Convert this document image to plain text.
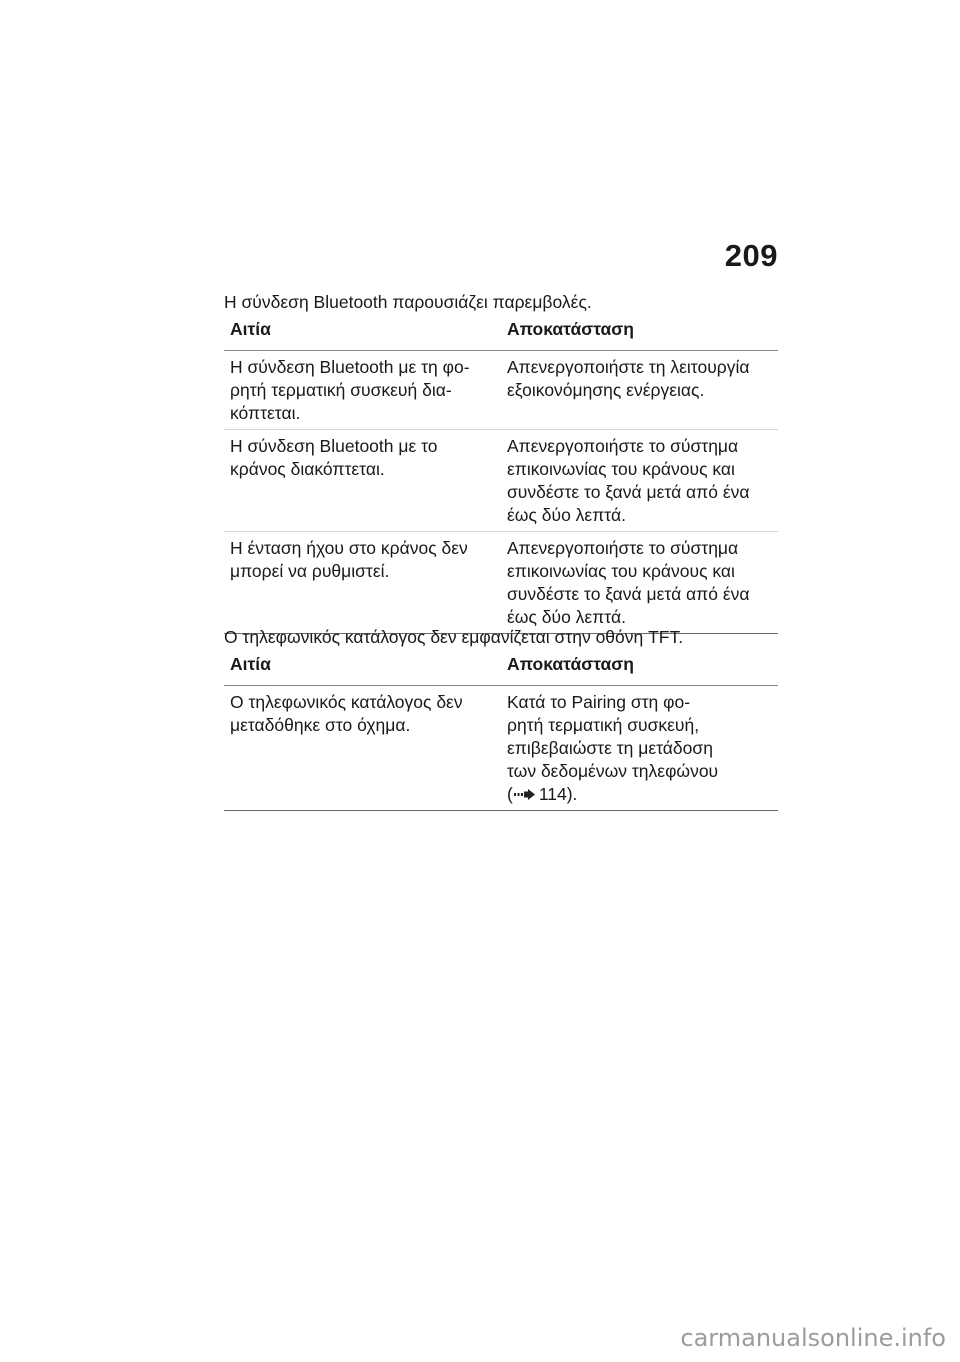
209

Η σύνδεση Bluetooth παρουσιάζει παρεμβολές.

Αιτία	Αποκατάσταση
Η σύνδεση Bluetooth με τη φο-
ρητή τερματική συσκευή δια-
κόπτεται.	Απενεργοποιήστε τη λειτουργία
εξοικονόμησης ενέργειας.
Η σύνδεση Bluetooth με το
κράνος διακόπτεται.	Απενεργοποιήστε το σύστημα
επικοινωνίας του κράνους και
συνδέστε το ξανά μετά από ένα
έως δύο λεπτά.
Η ένταση ήχου στο κράνος δεν
μπορεί να ρυθμιστεί.	Απενεργοποιήστε το σύστημα
επικοινωνίας του κράνους και
συνδέστε το ξανά μετά από ένα
έως δύο λεπτά.

Ο τηλεφωνικός κατάλογος δεν εμφανίζεται στην οθόνη TFT.

Αιτία	Αποκατάσταση
Ο τηλεφωνικός κατάλογος δεν
μεταδόθηκε στο όχημα.	Κατά το Pairing στη φο-
ρητή τερματική συσκευή,
επιβεβαιώστε τη μετάδοση
των δεδομένων τηλεφώνου
( 114).
carmanualsonline.info
